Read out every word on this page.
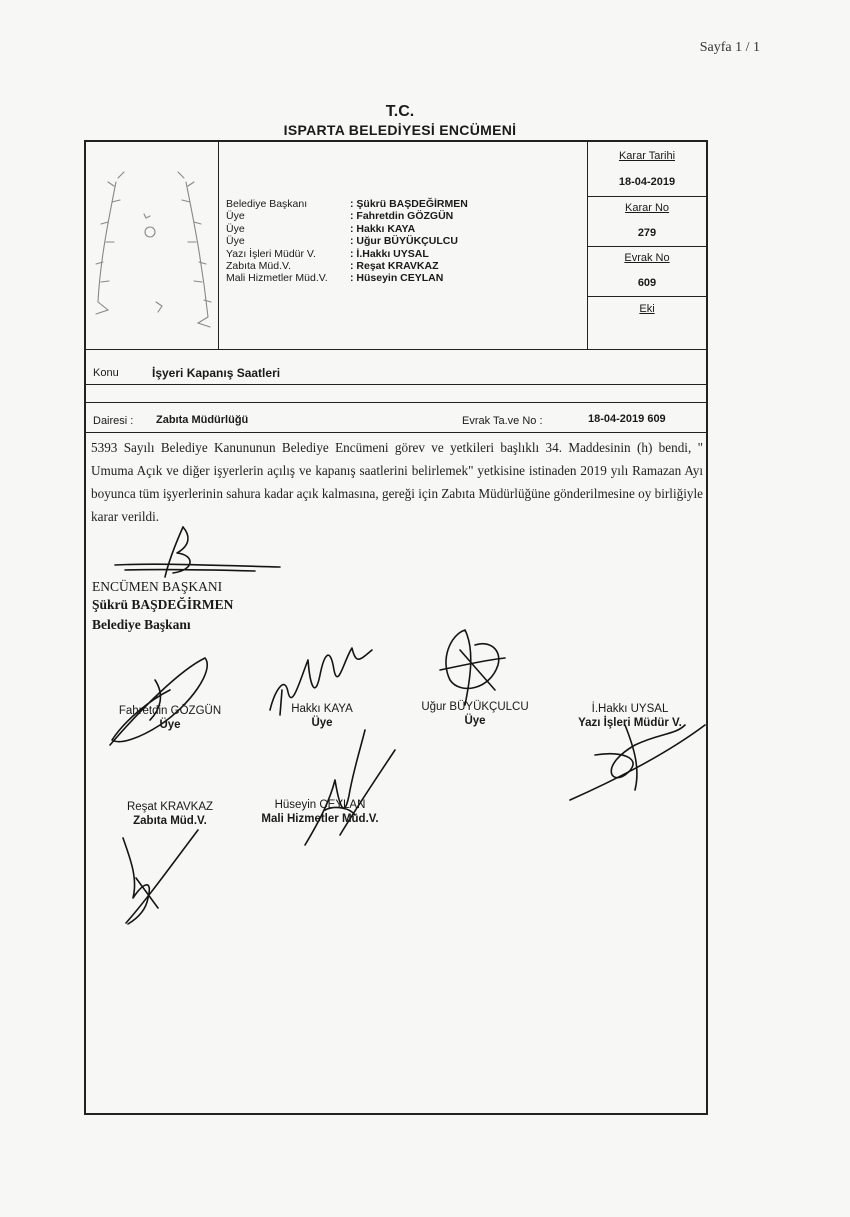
Sayfa 1 / 1
T.C.
ISPARTA BELEDİYESİ ENCÜMENİ
Belediye Başkanı	: Şükrü BAŞDEĞİRMEN
Üye	: Fahretdin GÖZGÜN
Üye	: Hakkı KAYA
Üye	: Uğur BÜYÜKÇULCU
Yazı İşleri Müdür V.	: İ.Hakkı UYSAL
Zabıta Müd.V.	: Reşat KRAVKAZ
Mali Hizmetler Müd.V. : Hüseyin CEYLAN
Karar Tarihi
18-04-2019
Karar No
279
Evrak No
609
Eki
Konu	İşyeri Kapanış Saatleri
Dairesi : Zabıta Müdürlüğü	Evrak Ta.ve No :	18-04-2019 609
5393 Sayılı Belediye Kanununun Belediye Encümeni görev ve yetkileri başlıklı 34. Maddesinin (h) bendi, " Umuma Açık ve diğer işyerlerin açılış ve kapanış saatlerini belirlemek" yetkisine istinaden 2019 yılı Ramazan Ayı boyunca tüm işyerlerinin sahura kadar açık kalmasına, gereği için Zabıta Müdürlüğüne gönderilmesine oy birliğiyle karar verildi.
ENCÜMEN BAŞKANI
Şükrü BAŞDEĞİRMEN
Belediye Başkanı
Fahretdin GÖZGÜN
Üye
Hakkı KAYA
Üye
Uğur BÜYÜKÇULCU
Üye
İ.Hakkı UYSAL
Yazı İşleri Müdür V.
Reşat KRAVKAZ
Zabıta Müd.V.
Hüseyin CEYLAN
Mali Hizmetler Müd.V.
